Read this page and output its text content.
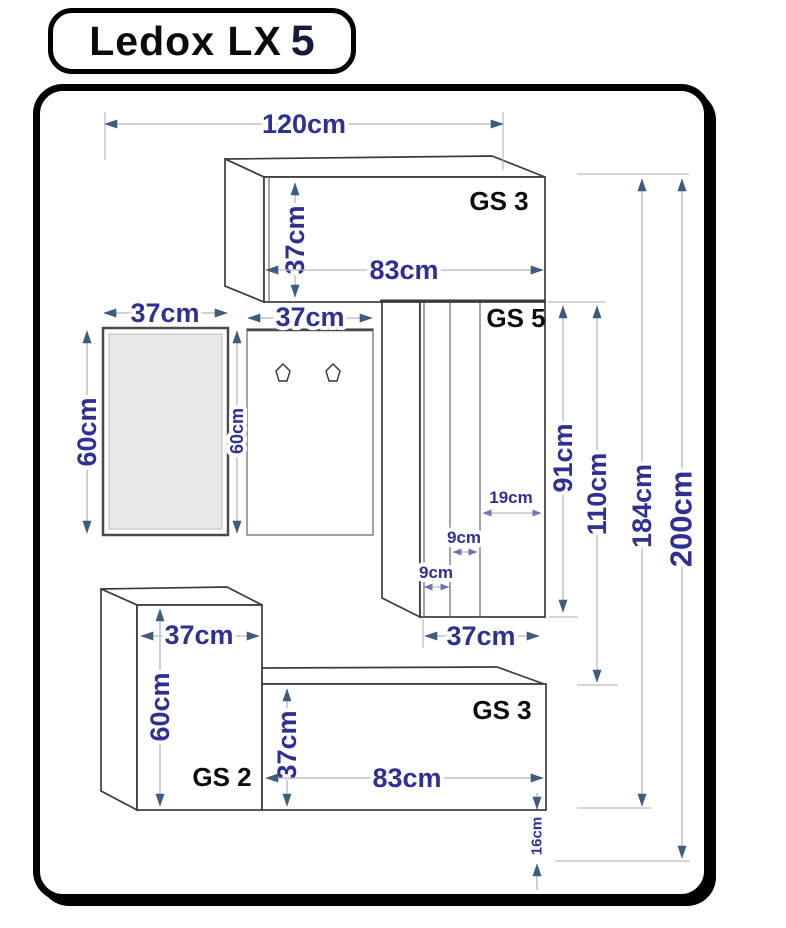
Ledox LX 5
120cm
37cm 83cm
GS 3
37cm
60cm
37cm
60cm
GS 5
91cm 110cm 184cm 200cm
19cm
9cm
9cm
37cm
37cm
60cm
GS 2 37cm	83cm
GS 3
16cm
